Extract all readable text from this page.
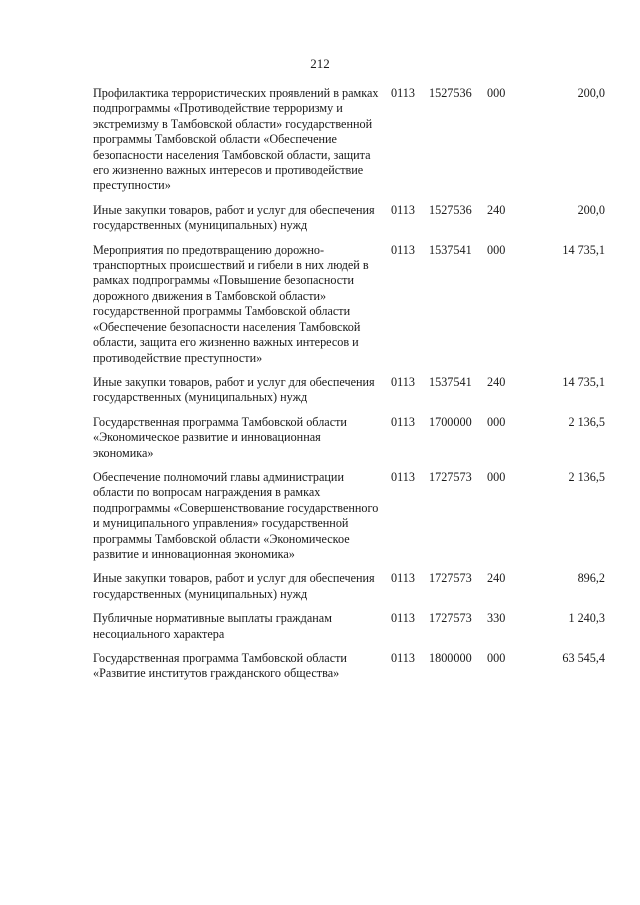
212
Профилактика террористических проявлений в рамках подпрограммы «Противодействие терроризму и экстремизму в Тамбовской области» государственной программы Тамбовской области «Обеспечение безопасности населения Тамбовской области, защита его жизненно важных интересов и противодействие преступности»	0113	1527536	000	200,0
Иные закупки товаров, работ и услуг для обеспечения государственных (муниципальных) нужд	0113	1527536	240	200,0
Мероприятия по предотвращению дорожно-транспортных происшествий и гибели в них людей в рамках подпрограммы «Повышение безопасности дорожного движения в Тамбовской области» государственной программы Тамбовской области «Обеспечение безопасности населения Тамбовской области, защита его жизненно важных интересов и противодействие преступности»	0113	1537541	000	14 735,1
Иные закупки товаров, работ и услуг для обеспечения государственных (муниципальных) нужд	0113	1537541	240	14 735,1
Государственная программа Тамбовской области «Экономическое развитие и инновационная экономика»	0113	1700000	000	2 136,5
Обеспечение полномочий главы администрации области по вопросам награждения в рамках подпрограммы «Совершенствование государственного и муниципального управления» государственной программы Тамбовской области «Экономическое развитие и инновационная экономика»	0113	1727573	000	2 136,5
Иные закупки товаров, работ и услуг для обеспечения государственных (муниципальных) нужд	0113	1727573	240	896,2
Публичные нормативные выплаты гражданам несоциального характера	0113	1727573	330	1 240,3
Государственная программа Тамбовской области «Развитие институтов гражданского общества»	0113	1800000	000	63 545,4
